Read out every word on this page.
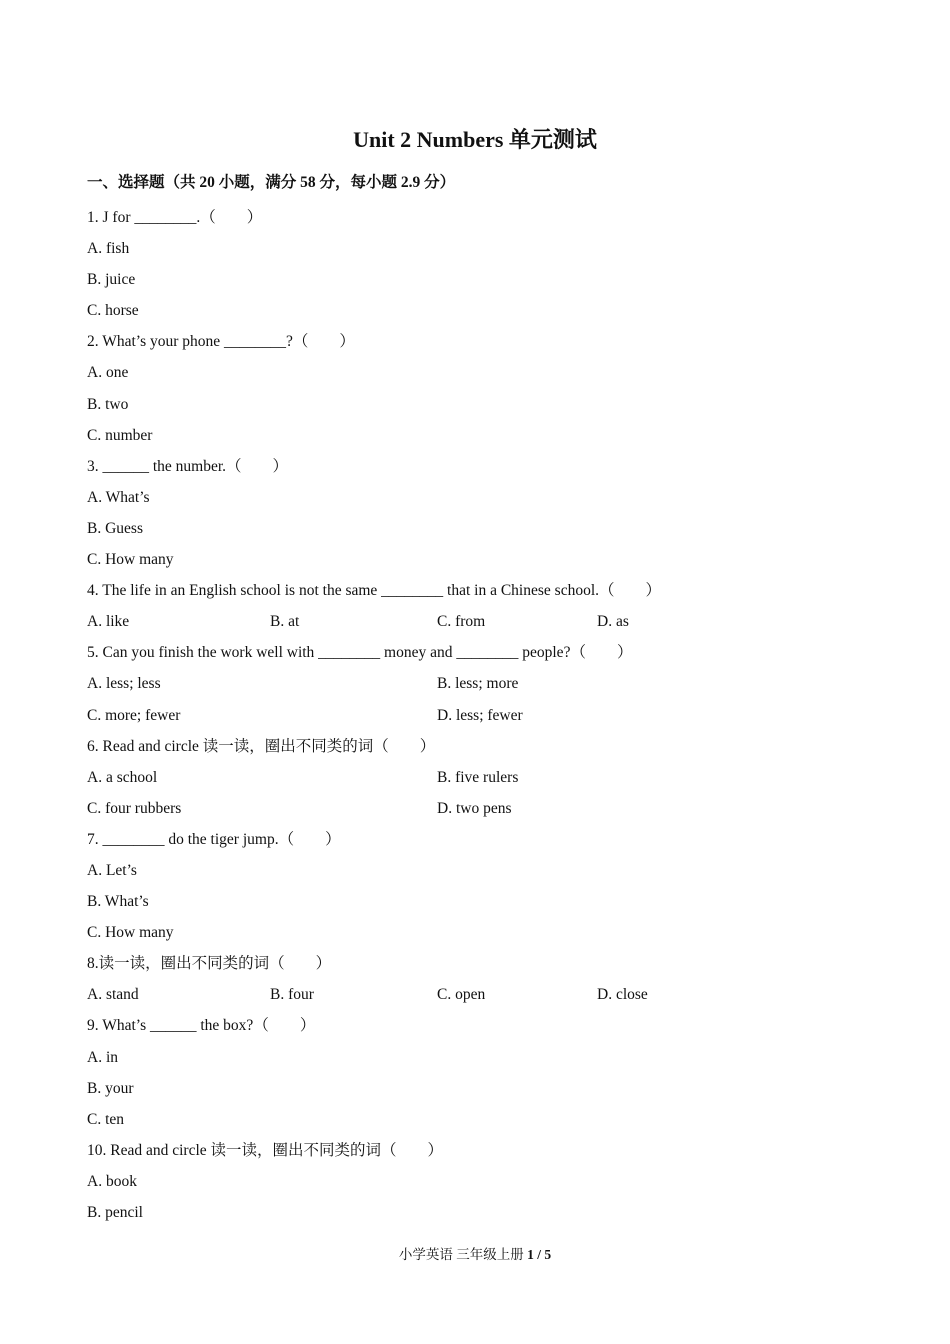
Unit 2 Numbers 单元测试
一、选择题（共 20 小题，满分 58 分，每小题 2.9 分）
1. J for ________.（　　）
A. fish
B. juice
C. horse
2. What’s your phone ________?（　　）
A. one
B. two
C. number
3. ______ the number.（　　）
A. What’s
B. Guess
C. How many
4. The life in an English school is not the same ________ that in a Chinese school.（　　）
A. like	B. at	C. from	D. as
5. Can you finish the work well with ________ money and ________ people?（　　）
A. less; less	B. less; more
C. more; fewer	D. less; fewer
6. Read and circle 读一读，圈出不同类的词（　　）
A. a school	B. five rulers
C. four rubbers	D. two pens
7. ________ do the tiger jump.（　　）
A. Let’s
B. What’s
C. How many
8.读一读，圈出不同类的词（　　）
A. stand	B. four	C. open	D. close
9. What’s ______ the box?（　　）
A. in
B. your
C. ten
10. Read and circle 读一读，圈出不同类的词（　　）
A. book
B. pencil
小学英语 三年级上册 1 / 5
